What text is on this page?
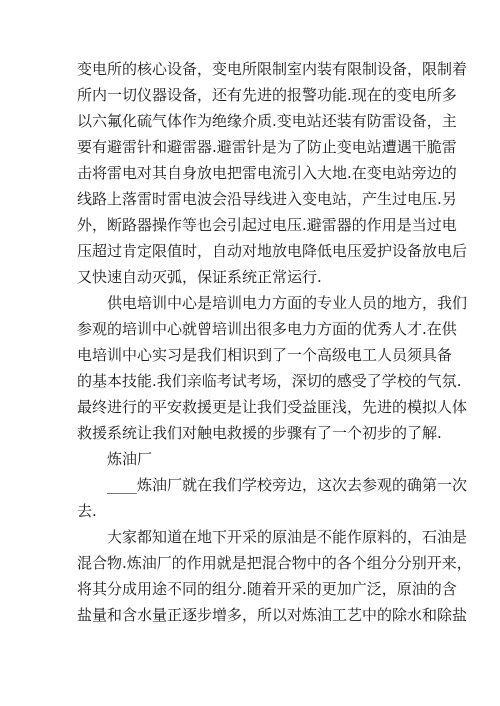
变电所的核心设备，变电所限制室内装有限制设备，限制着
所内一切仪器设备，还有先进的报警功能.现在的变电所多
以六氟化硫气体作为绝缘介质.变电站还装有防雷设备，主
要有避雷针和避雷器.避雷针是为了防止变电站遭遇干脆雷
击将雷电对其自身放电把雷电流引入大地.在变电站旁边的
线路上落雷时雷电波会沿导线进入变电站，产生过电压.另
外，断路器操作等也会引起过电压.避雷器的作用是当过电
压超过肯定限值时，自动对地放电降低电压爱护设备放电后
又快速自动灭弧，保证系统正常运行.
供电培训中心是培训电力方面的专业人员的地方，我们
参观的培训中心就曾培训出很多电力方面的优秀人才.在供
电培训中心实习是我们相识到了一个高级电工人员须具备
的基本技能.我们亲临考试考场，深切的感受了学校的气氛.
最终进行的平安救援更是让我们受益匪浅，先进的模拟人体
救援系统让我们对触电救援的步骤有了一个初步的了解.
炼油厂
____炼油厂就在我们学校旁边，这次去参观的确第一次
去.
大家都知道在地下开采的原油是不能作原料的，石油是
混合物.炼油厂的作用就是把混合物中的各个组分分别开来，
将其分成用途不同的组分.随着开采的更加广泛，原油的含
盐量和含水量正逐步增多，所以对炼油工艺中的除水和除盐
